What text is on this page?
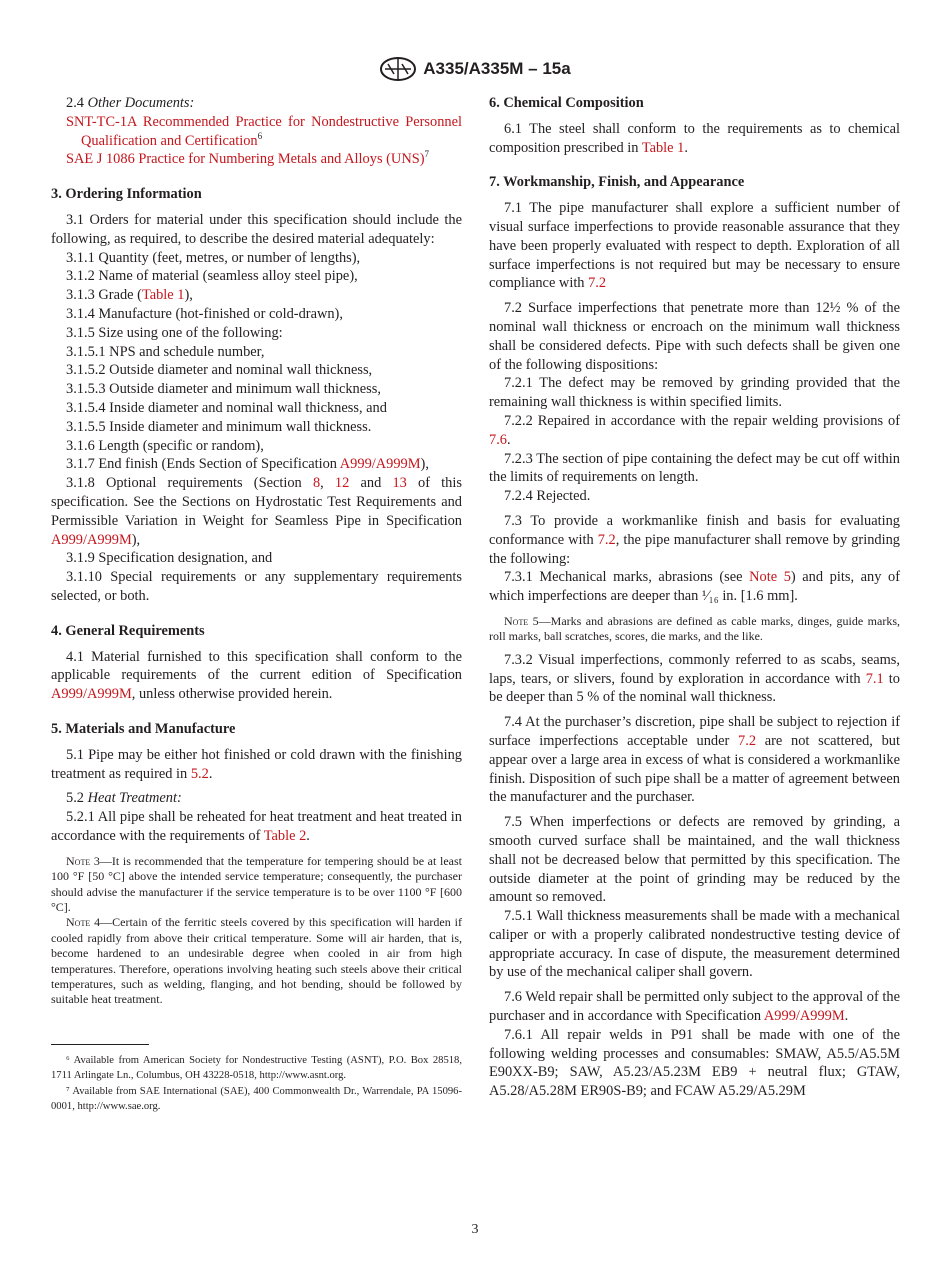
A335/A335M – 15a

2.4 Other Documents:

SNT-TC-1A Recommended Practice for Nondestructive Personnel Qualification and Certification$^6$

SAE J 1086 Practice for Numbering Metals and Alloys (UNS)$^7$

3. Ordering Information

3.1 Orders for material under this specification should include the following, as required, to describe the desired material adequately:

3.1.1 Quantity (feet, metres, or number of lengths),

3.1.2 Name of material (seamless alloy steel pipe),

3.1.3 Grade (Table 1),

3.1.4 Manufacture (hot-finished or cold-drawn),

3.1.5 Size using one of the following:

3.1.5.1 NPS and schedule number,

3.1.5.2 Outside diameter and nominal wall thickness,

3.1.5.3 Outside diameter and minimum wall thickness,

3.1.5.4 Inside diameter and nominal wall thickness, and

3.1.5.5 Inside diameter and minimum wall thickness.

3.1.6 Length (specific or random),

3.1.7 End finish (Ends Section of Specification A999/A999M),

3.1.8 Optional requirements (Section 8, 12 and 13 of this specification. See the Sections on Hydrostatic Test Requirements and Permissible Variation in Weight for Seamless Pipe in Specification A999/A999M),

3.1.9 Specification designation, and

3.1.10 Special requirements or any supplementary requirements selected, or both.

4. General Requirements

4.1 Material furnished to this specification shall conform to the applicable requirements of the current edition of Specification A999/A999M, unless otherwise provided herein.

5. Materials and Manufacture

5.1 Pipe may be either hot finished or cold drawn with the finishing treatment as required in 5.2.

5.2 Heat Treatment:

5.2.1 All pipe shall be reheated for heat treatment and heat treated in accordance with the requirements of Table 2.

Note 3—It is recommended that the temperature for tempering should be at least 100 °F [50 °C] above the intended service temperature; consequently, the purchaser should advise the manufacturer if the service temperature is to be over 1100 °F [600 °C].

Note 4—Certain of the ferritic steels covered by this specification will harden if cooled rapidly from above their critical temperature. Some will air harden, that is, become hardened to an undesirable degree when cooled in air from high temperatures. Therefore, operations involving heating such steels above their critical temperatures, such as welding, flanging, and hot bending, should be followed by suitable heat treatment.

⁶ Available from American Society for Nondestructive Testing (ASNT), P.O. Box 28518, 1711 Arlingate Ln., Columbus, OH 43228-0518, http://www.asnt.org.

⁷ Available from SAE International (SAE), 400 Commonwealth Dr., Warrendale, PA 15096-0001, http://www.sae.org.

6. Chemical Composition

6.1 The steel shall conform to the requirements as to chemical composition prescribed in Table 1.

7. Workmanship, Finish, and Appearance

7.1 The pipe manufacturer shall explore a sufficient number of visual surface imperfections to provide reasonable assurance that they have been properly evaluated with respect to depth. Exploration of all surface imperfections is not required but may be necessary to ensure compliance with 7.2

7.2 Surface imperfections that penetrate more than 12½ % of the nominal wall thickness or encroach on the minimum wall thickness shall be considered defects. Pipe with such defects shall be given one of the following dispositions:

7.2.1 The defect may be removed by grinding provided that the remaining wall thickness is within specified limits.

7.2.2 Repaired in accordance with the repair welding provisions of 7.6.

7.2.3 The section of pipe containing the defect may be cut off within the limits of requirements on length.

7.2.4 Rejected.

7.3 To provide a workmanlike finish and basis for evaluating conformance with 7.2, the pipe manufacturer shall remove by grinding the following:

7.3.1 Mechanical marks, abrasions (see Note 5) and pits, any of which imperfections are deeper than ¹⁄₁₆ in. [1.6 mm].

Note 5—Marks and abrasions are defined as cable marks, dinges, guide marks, roll marks, ball scratches, scores, die marks, and the like.

7.3.2 Visual imperfections, commonly referred to as scabs, seams, laps, tears, or slivers, found by exploration in accordance with 7.1 to be deeper than 5 % of the nominal wall thickness.

7.4 At the purchaser’s discretion, pipe shall be subject to rejection if surface imperfections acceptable under 7.2 are not scattered, but appear over a large area in excess of what is considered a workmanlike finish. Disposition of such pipe shall be a matter of agreement between the manufacturer and the purchaser.

7.5 When imperfections or defects are removed by grinding, a smooth curved surface shall be maintained, and the wall thickness shall not be decreased below that permitted by this specification. The outside diameter at the point of grinding may be reduced by the amount so removed.

7.5.1 Wall thickness measurements shall be made with a mechanical caliper or with a properly calibrated nondestructive testing device of appropriate accuracy. In case of dispute, the measurement determined by use of the mechanical caliper shall govern.

7.6 Weld repair shall be permitted only subject to the approval of the purchaser and in accordance with Specification A999/A999M.

7.6.1 All repair welds in P91 shall be made with one of the following welding processes and consumables: SMAW, A5.5/A5.5M E90XX-B9; SAW, A5.23/A5.23M EB9 + neutral flux; GTAW, A5.28/A5.28M ER90S-B9; and FCAW A5.29/A5.29M

3
